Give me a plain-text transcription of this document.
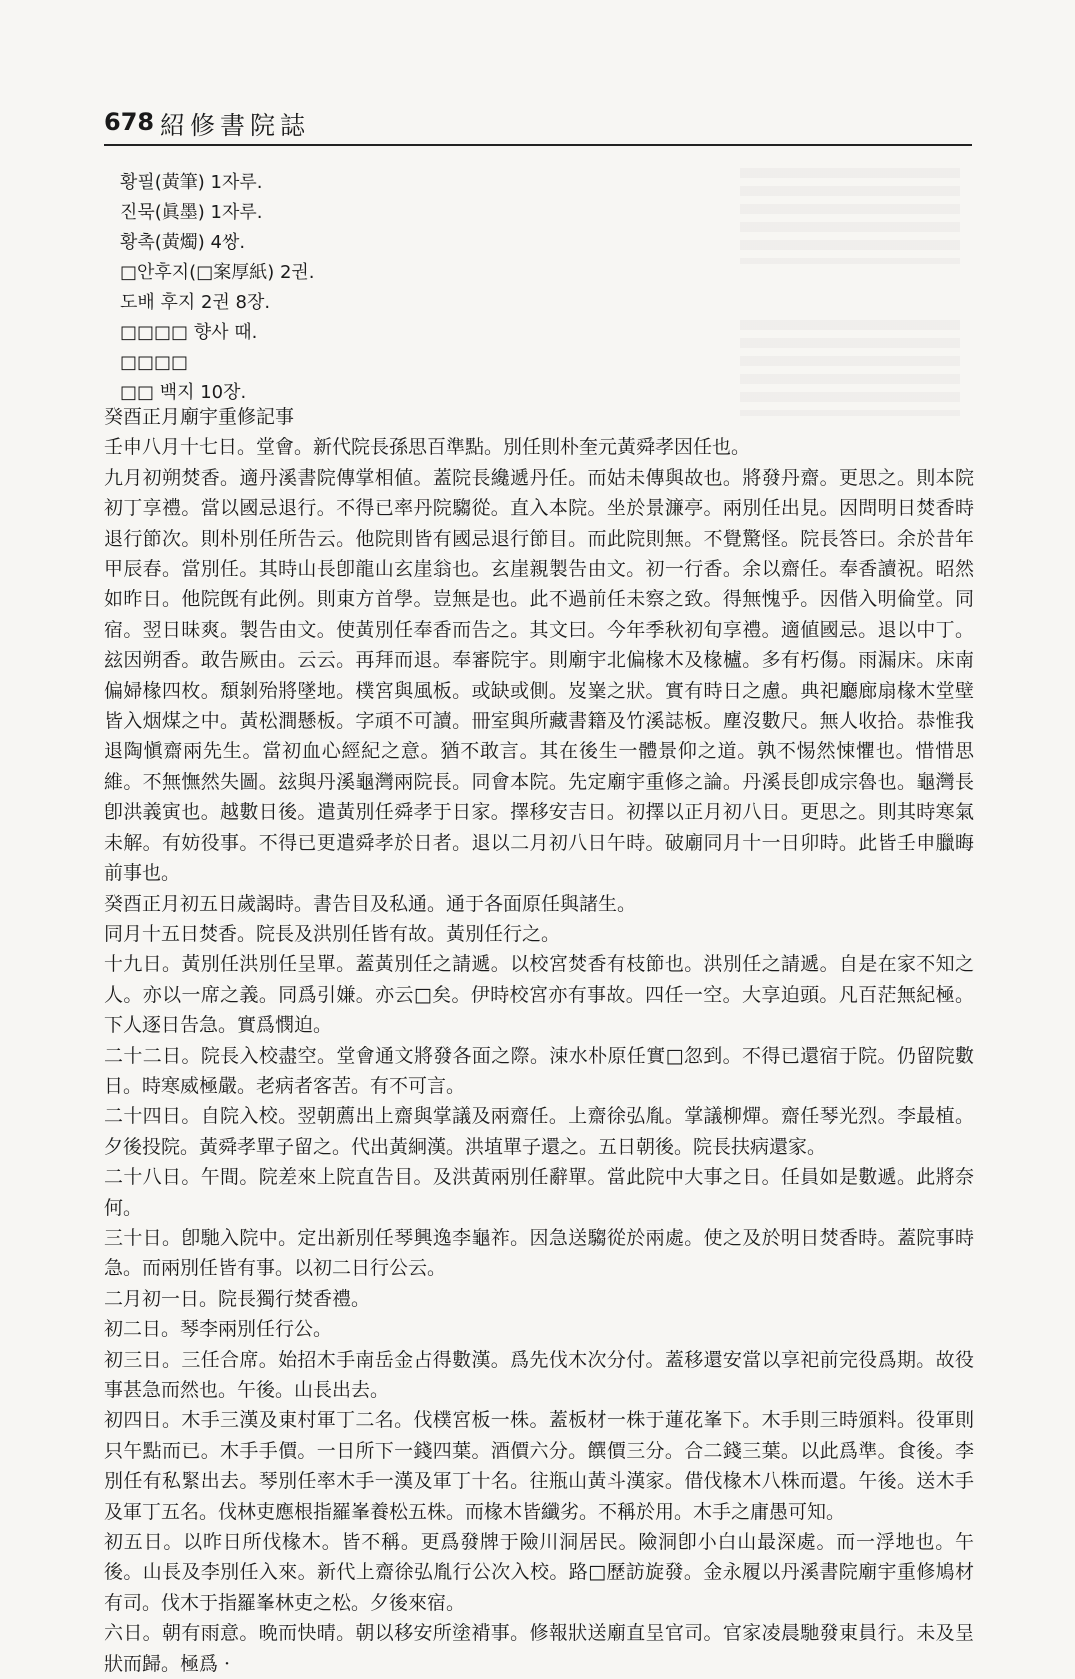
678 紹修書院誌
황필(黃筆) 1자루.
진묵(眞墨) 1자루.
황촉(黃燭) 4쌍.
□안후지(□案厚紙) 2권.
도배 후지 2권 8장.
□□□□ 향사 때.
□□□□
□□ 백지 10장.

癸酉正月廟宇重修記事

壬申八月十七日。堂會。新代院長孫思百準點。別任則朴奎元黃舜孝因任也。

九月初朔焚香。適丹溪書院傳掌相値。蓋院長纔遞丹任。而姑未傳與故也。將發丹齋。更思之。則本院初丁享禮。當以國忌退行。不得已率丹院騶從。直入本院。坐於景濂亭。兩別任出見。因問明日焚香時退行節次。則朴別任所告云。他院則皆有國忌退行節目。而此院則無。不覺驚怪。院長答曰。余於昔年甲辰春。當別任。其時山長卽龍山玄崖翁也。玄崖親製告由文。初一行香。余以齋任。奉香讀祝。昭然如昨日。他院旣有此例。則東方首學。豈無是也。此不過前任未察之致。得無愧乎。因偕入明倫堂。同宿。翌日昧爽。製告由文。使黃別任奉香而告之。其文曰。今年季秋初旬享禮。適値國忌。退以中丁。玆因朔香。敢告厥由。云云。再拜而退。奉審院宇。則廟宇北偏椽木及椽櫨。多有朽傷。雨漏床。床南偏婦椽四枚。頹剝殆將墜地。樸宮與風板。或缺或側。岌嶪之狀。實有時日之慮。典祀廳廊扇椽木堂壁皆入烟煤之中。黃松澗懸板。字頑不可讀。冊室與所藏書籍及竹溪誌板。塵沒數尺。無人收拾。恭惟我退陶愼齋兩先生。當初血心經紀之意。猶不敢言。其在後生一體景仰之道。孰不惕然悚懼也。惜惜思維。不無憮然失圖。玆與丹溪龜灣兩院長。同會本院。先定廟宇重修之論。丹溪長卽成宗魯也。龜灣長卽洪義寅也。越數日後。遣黃別任舜孝于日家。擇移安吉日。初擇以正月初八日。更思之。則其時寒氣未解。有妨役事。不得已更遣舜孝於日者。退以二月初八日午時。破廟同月十一日卯時。此皆壬申臘晦前事也。

癸酉正月初五日歲謁時。書告目及私通。通于各面原任與諸生。

同月十五日焚香。院長及洪別任皆有故。黃別任行之。

十九日。黃別任洪別任呈單。蓋黃別任之請遞。以校宮焚香有枝節也。洪別任之請遞。自是在家不知之人。亦以一席之義。同爲引嫌。亦云□矣。伊時校宮亦有事故。四任一空。大享迫頭。凡百茫無紀極。下人逐日告急。實爲憫迫。

二十二日。院長入校盡空。堂會通文將發各面之際。涑水朴原任實□忽到。不得已還宿于院。仍留院數日。時寒威極嚴。老病者客苦。有不可言。

二十四日。自院入校。翌朝薦出上齋與掌議及兩齋任。上齋徐弘胤。掌議柳燀。齋任琴光烈。李最植。夕後投院。黃舜孝單子留之。代出黃絅漢。洪埴單子還之。五日朝後。院長扶病還家。

二十八日。午間。院差來上院直告目。及洪黃兩別任辭單。當此院中大事之日。任員如是數遞。此將奈何。

三十日。卽馳入院中。定出新別任琴興逸李龜祚。因急送騶從於兩處。使之及於明日焚香時。蓋院事時急。而兩別任皆有事。以初二日行公云。

二月初一日。院長獨行焚香禮。

初二日。琴李兩別任行公。

初三日。三任合席。始招木手南岳金占得數漢。爲先伐木次分付。蓋移還安當以享祀前完役爲期。故役事甚急而然也。午後。山長出去。

初四日。木手三漢及東村軍丁二名。伐樸宮板一株。蓋板材一株于蓮花峯下。木手則三時頒料。役軍則只午點而已。木手手價。一日所下一錢四葉。酒價六分。饌價三分。合二錢三葉。以此爲準。食後。李別任有私緊出去。琴別任率木手一漢及軍丁十名。往瓶山黃斗漢家。借伐椽木八株而還。午後。送木手及軍丁五名。伐林吏應根指羅峯養松五株。而椽木皆纖劣。不稱於用。木手之庸愚可知。

初五日。以昨日所伐椽木。皆不稱。更爲發牌于險川洞居民。險洞卽小白山最深處。而一浮地也。午後。山長及李別任入來。新代上齋徐弘胤行公次入校。路□歷訪旋發。金永履以丹溪書院廟宇重修鳩材有司。伐木于指羅峯林吏之松。夕後來宿。

六日。朝有雨意。晩而快晴。朝以移安所塗褙事。修報狀送廟直呈官司。官家凌晨馳發東員行。未及呈狀而歸。極爲 ·
